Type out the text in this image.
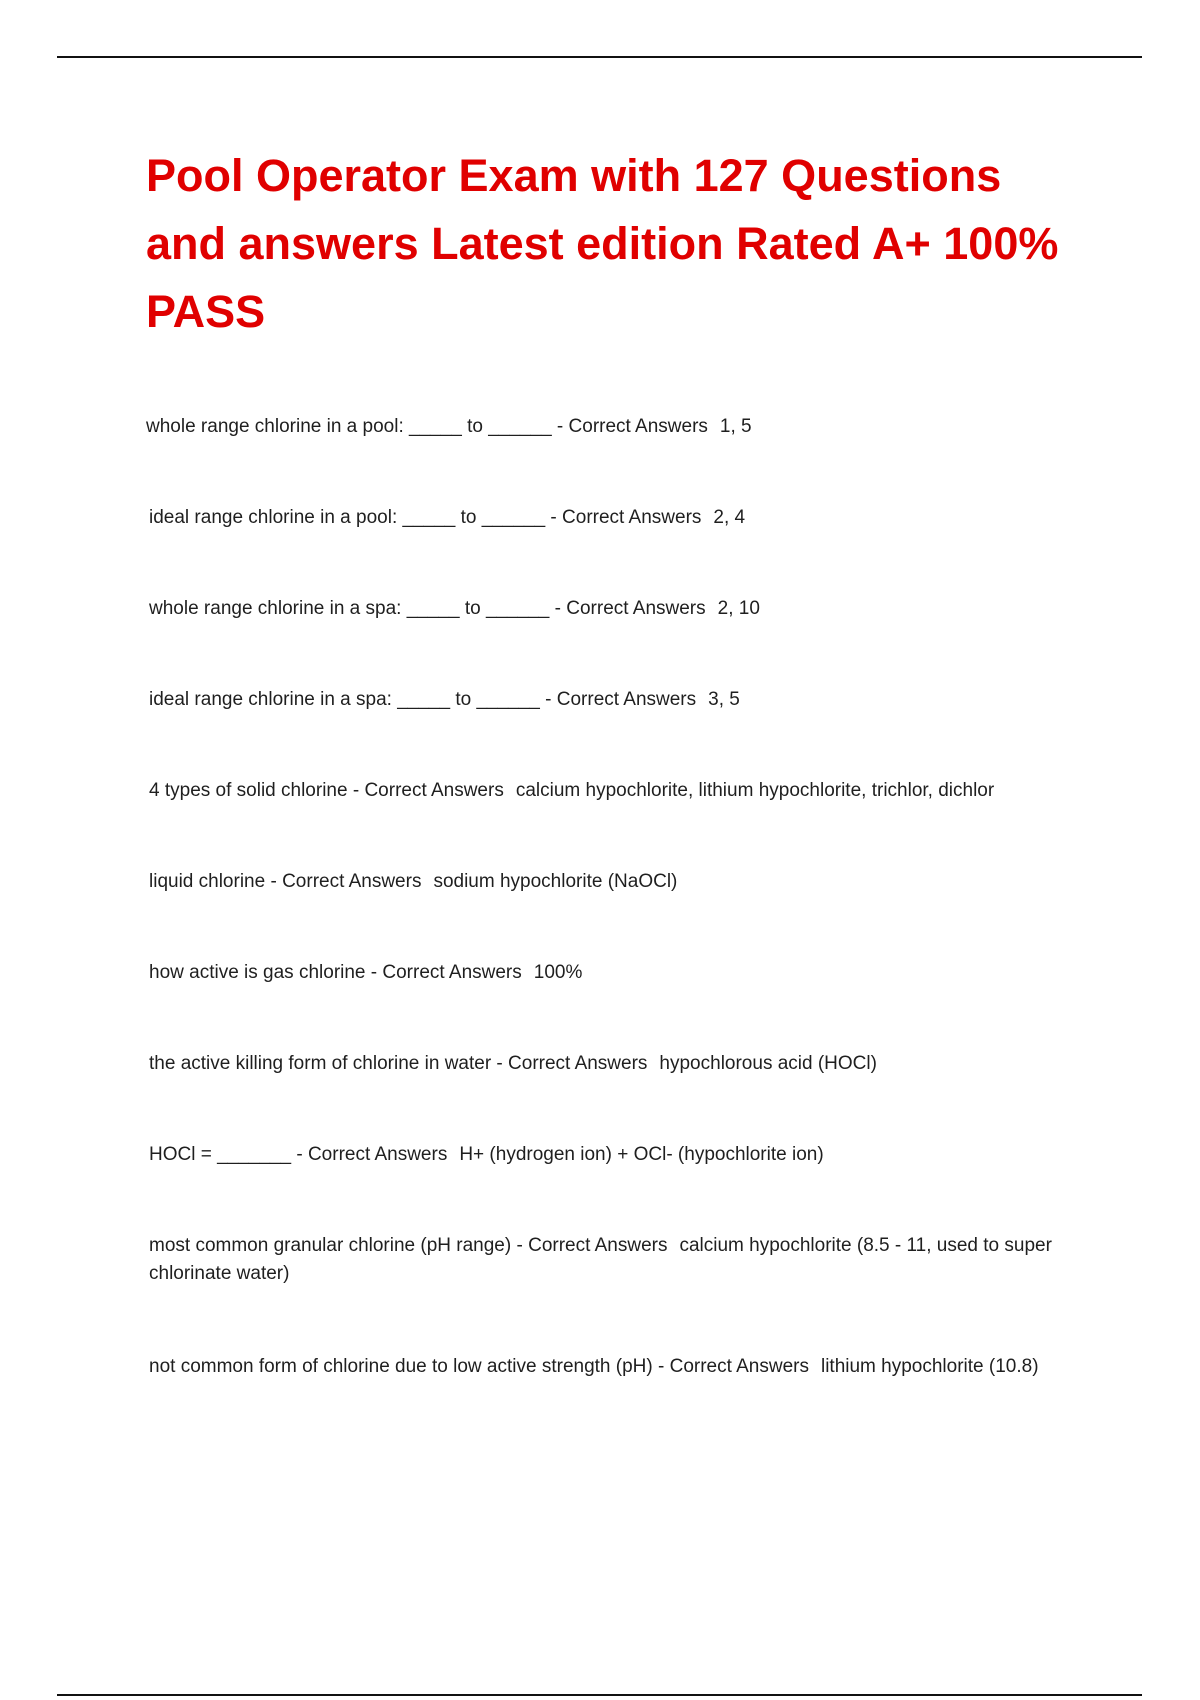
Pool Operator Exam with 127 Questions and answers Latest edition Rated A+ 100% PASS
whole range chlorine in a pool: _____ to ______ - Correct Answers 1, 5
ideal range chlorine in a pool: _____ to ______ - Correct Answers 2, 4
whole range chlorine in a spa: _____ to ______ - Correct Answers 2, 10
ideal range chlorine in a spa: _____ to ______ - Correct Answers 3, 5
4 types of solid chlorine - Correct Answers calcium hypochlorite, lithium hypochlorite, trichlor, dichlor
liquid chlorine - Correct Answers sodium hypochlorite (NaOCl)
how active is gas chlorine - Correct Answers 100%
the active killing form of chlorine in water - Correct Answers hypochlorous acid (HOCl)
HOCl = _______ - Correct Answers H+ (hydrogen ion) + OCl- (hypochlorite ion)
most common granular chlorine (pH range) - Correct Answers calcium hypochlorite (8.5 - 11, used to super chlorinate water)
not common form of chlorine due to low active strength (pH) - Correct Answers lithium hypochlorite (10.8)
